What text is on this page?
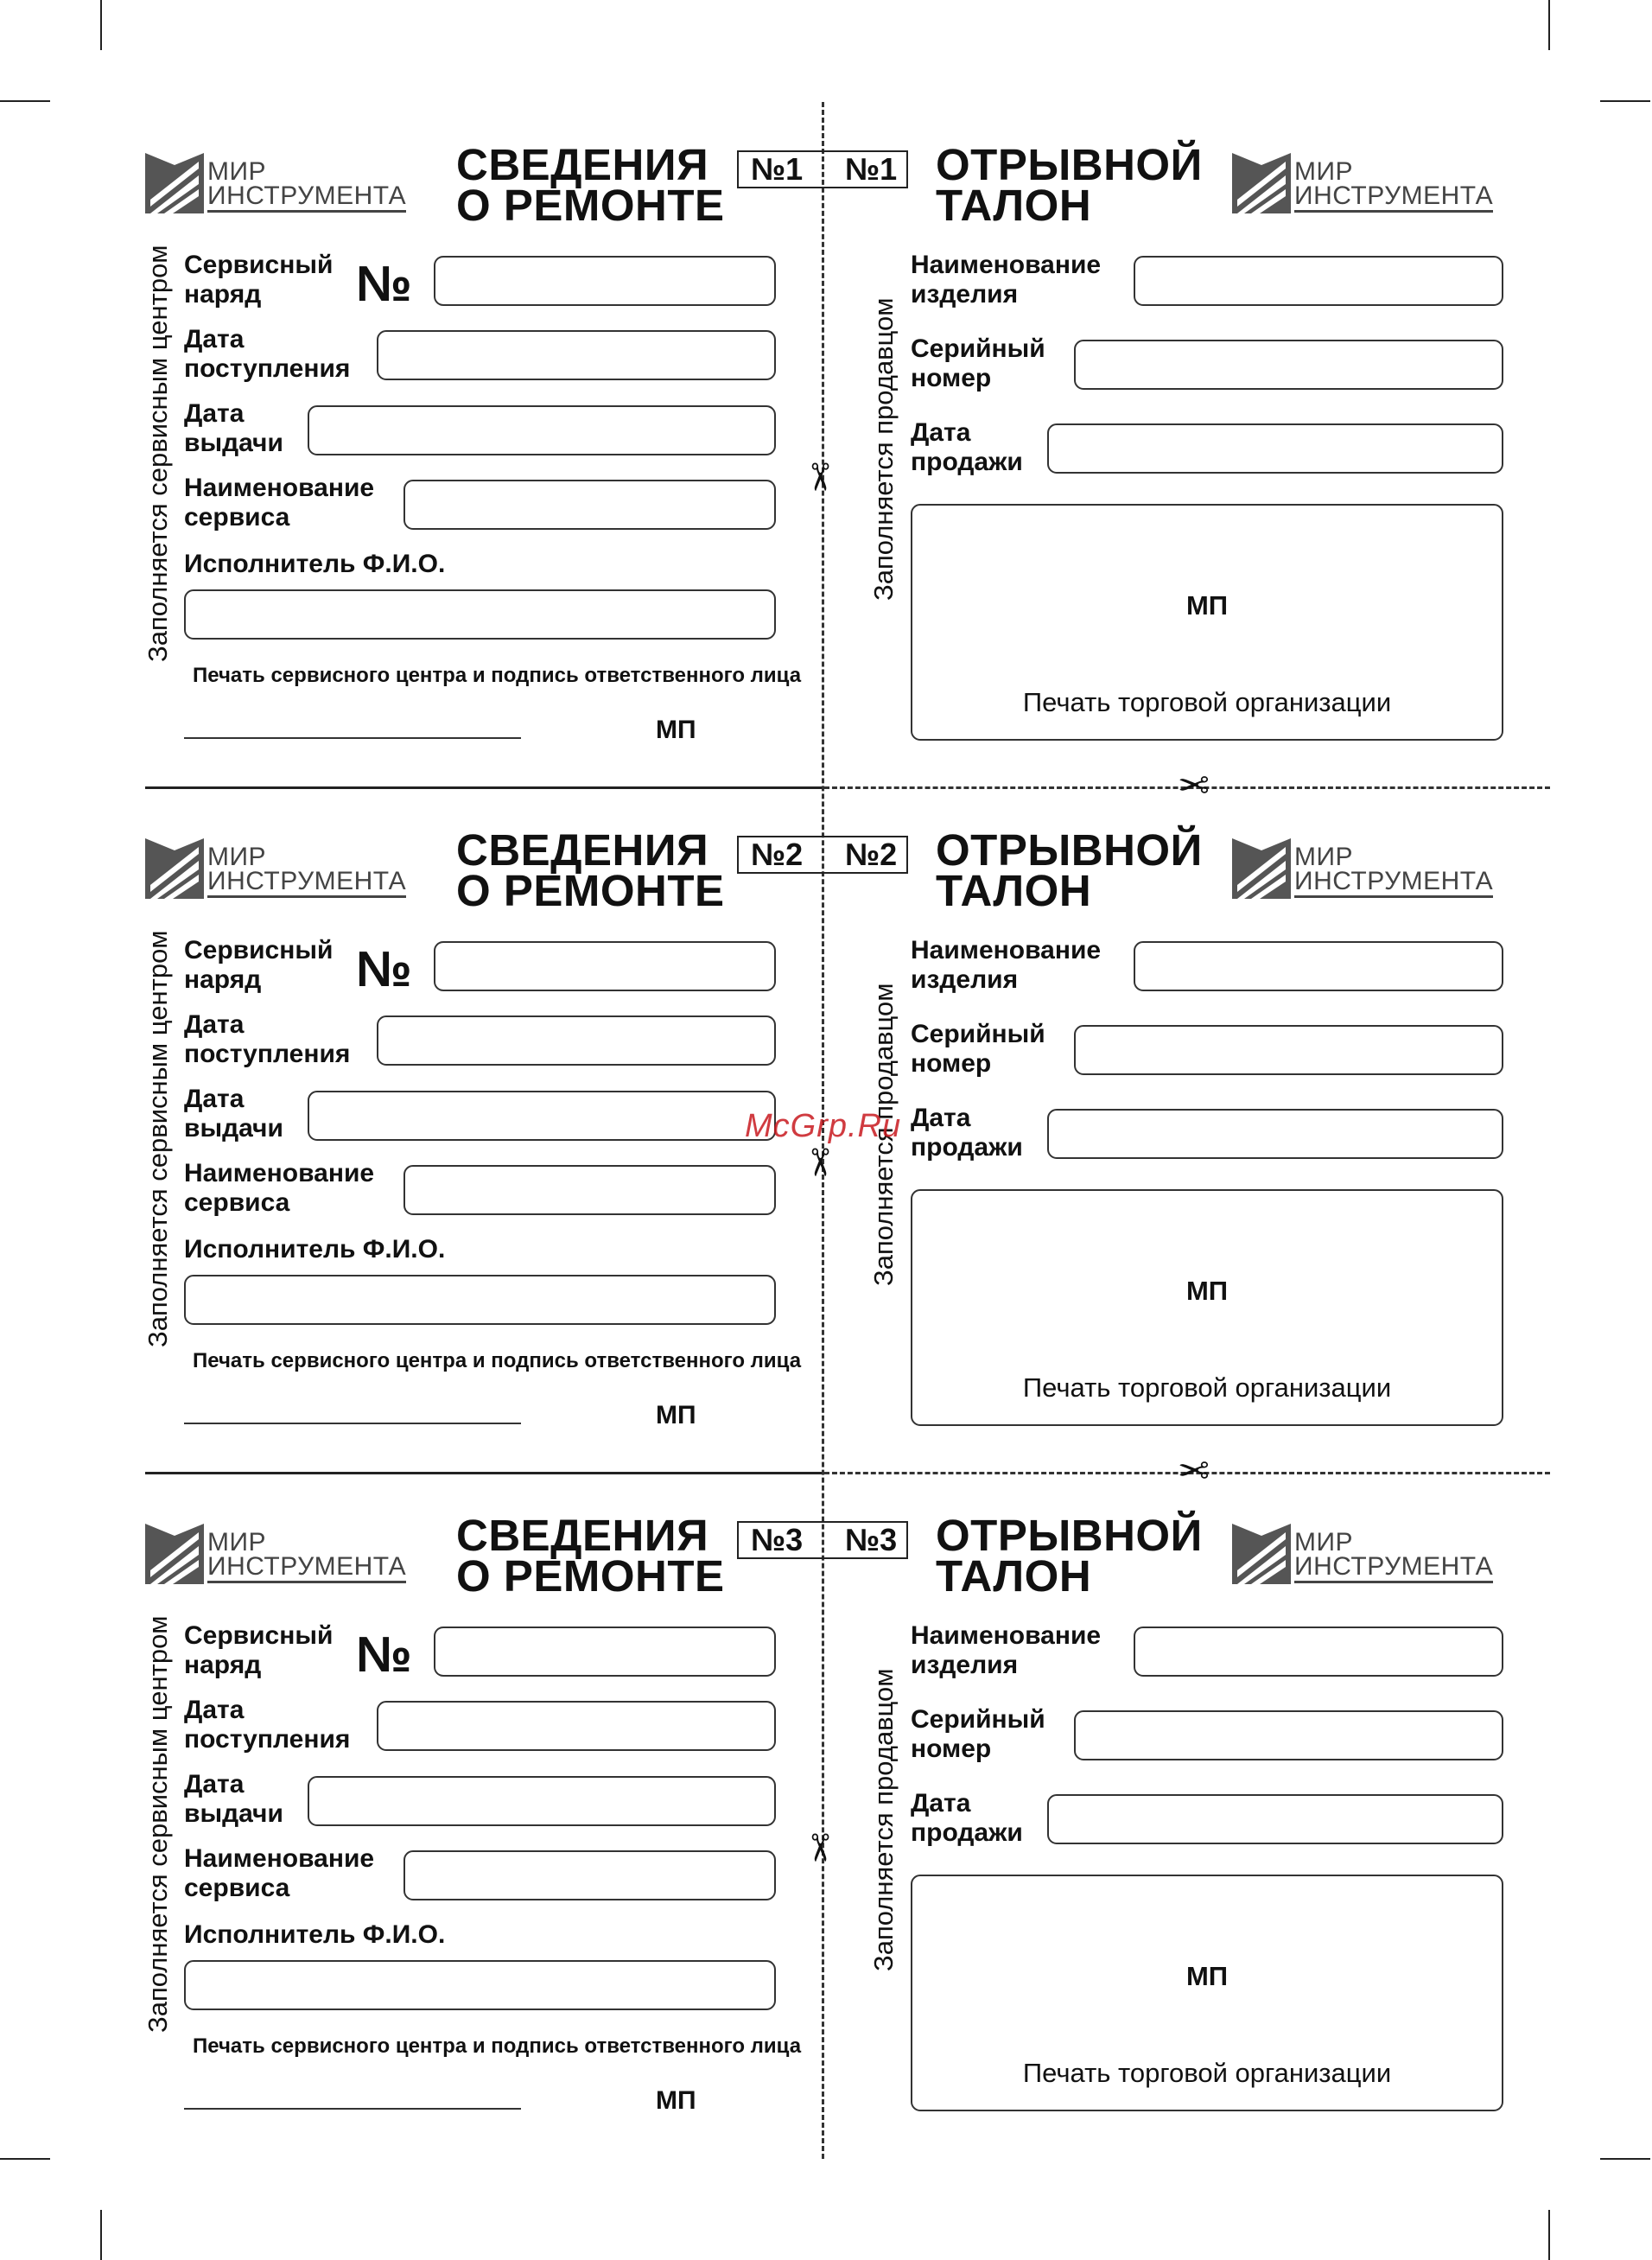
МИР
ИНСТРУМЕНТА
СВЕДЕНИЯ
О РЕМОНТЕ
№1 №1 ОТРЫВНОЙ
ТАЛОН
МИР
ИНСТРУМЕНТА
Заполняется сервисным центром Сервисный
наряд	№
Дата
поступления
Дата
выдачи
Наименование
сервиса
Исполнитель Ф.И.О.
Печать сервисного центра и подпись ответственного лица
МП
✂ Заполняется продавцом
Наименование
изделия
Серийный
номер
Дата
продажи
МП
Печать торговой организации
✂
МИР
ИНСТРУМЕНТА
СВЕДЕНИЯ
О РЕМОНТЕ
№2 №2 ОТРЫВНОЙ
ТАЛОН
МИР
ИНСТРУМЕНТА
Заполняется сервисным центром Сервисный
наряд	№
Дата
поступления
Дата
выдачи
Наименование
сервиса
Исполнитель Ф.И.О.
Печать сервисного центра и подпись ответственного лица
МП
✂ Заполняется продавцом
Наименование
изделия
Серийный
номер
Дата
продажи
МП
Печать торговой организации
✂
МИР
ИНСТРУМЕНТА
СВЕДЕНИЯ
О РЕМОНТЕ
№3 №3 ОТРЫВНОЙ
ТАЛОН
МИР
ИНСТРУМЕНТА
Заполняется сервисным центром Сервисный
наряд	№
Дата
поступления
Дата
выдачи
Наименование
сервиса
Исполнитель Ф.И.О.
Печать сервисного центра и подпись ответственного лица
МП
✂ Заполняется продавцом
Наименование
изделия
Серийный
номер
Дата
продажи
МП
Печать торговой организации
McGrp.Ru
